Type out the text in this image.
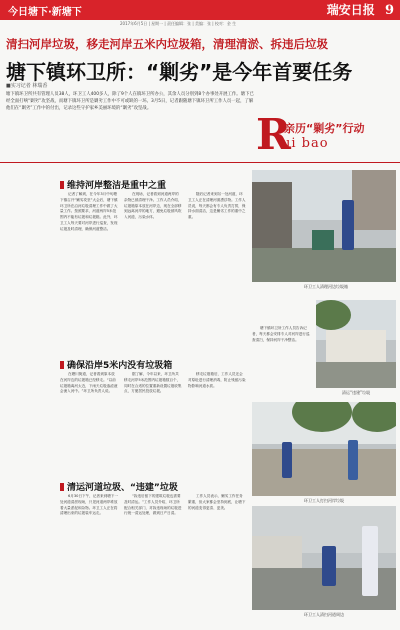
今日塘下·新塘下	瑞安日报 9
2017年6月5日 | 星期一 | 责任编辑：张 | 美编：张 | 校对：金 生
清扫河岸垃圾，移走河岸五米内垃圾箱，清理清淤、拆违后垃圾
塘下镇环卫所：“剿劣”是今年首要任务
■实习记者 林瑞香
塘下镇环卫所共有管理人员38人，环卫工人400多人，除了9个人在镇环卫所办公，其余人员分别到8个办事处开展工作。塘下已经全面打响“剿劣”攻坚战，而塘下镇环卫所是剿劣工作中不可或缺的一环。3月5日，记者跟随塘下镇环卫所工作人员一起，了解他们在“剿劣”工作中的付出，记录这些守护家乡美丽环境的“剿劣”攻坚战。
R
亲历“剿劣”行动
ui bao
维持河岸整洁是重中之重
记者了解到，在今年3月中旬塘下镇召开“剿劣攻坚”大会后，塘下镇环卫所在沿河垃圾清理工作中做了大量工作。按照要求，河道两岸5米范围内不能有垃圾和垃圾箱。此外，环卫工人每天要对河岸进行巡查，发现垃圾及时清理，确保河道整洁。
在现场，记者看到河道两岸的杂物已被清理干净。工作人员介绍，垃圾箱原本放在河岸边，现在全部移到远离河岸的地方，避免垃圾被风吹入河道，污染水体。
随后记者来到另一处河道，环卫工人正在清理河面漂浮物。工作人员说，每天都会有专人负责打捞，保持水面清洁，这是剿劣工作的重中之重。
确保沿岸5米内没有垃圾箱
在塘川街道，记者看到原本放在河岸边的垃圾箱已经移走。“以前垃圾箱离河太近，下雨天垃圾渗滤液会流入河中。”环卫所负责人说。
据了解，今年以来，环卫所共移走河岸5米范围内垃圾箱数百个，同时在合适的位置重新设置垃圾收集点，方便居民投放垃圾。
移走垃圾箱后，工作人员还会对原址进行清理消毒，防止残留污染物影响河道水质。
清运河道垃圾、“违建”垃圾
6月30日下午，记者来到塘下一处河道清淤现场，只见河道两岸堆放着大量淤泥和杂物。环卫工人正在将清理出来的垃圾装车运走。
“拆违后留下的建筑垃圾也需要及时清运。”工作人员介绍，环卫所配合相关部门，对拆违现场的垃圾进行统一清运处理，做到日产日清。
工作人员表示，剿劣工作任务繁重，但大家都会坚持到底，让塘下的河道变得更清、更美。
塘下镇环卫所工作人员告诉记者，每天都会安排专人对河岸进行巡查清扫，保持河岸干净整洁。
环卫工人清理河边垃圾箱
清运“违建”垃圾
环卫工人打扫河岸垃圾
环卫工人清扫河道周边
